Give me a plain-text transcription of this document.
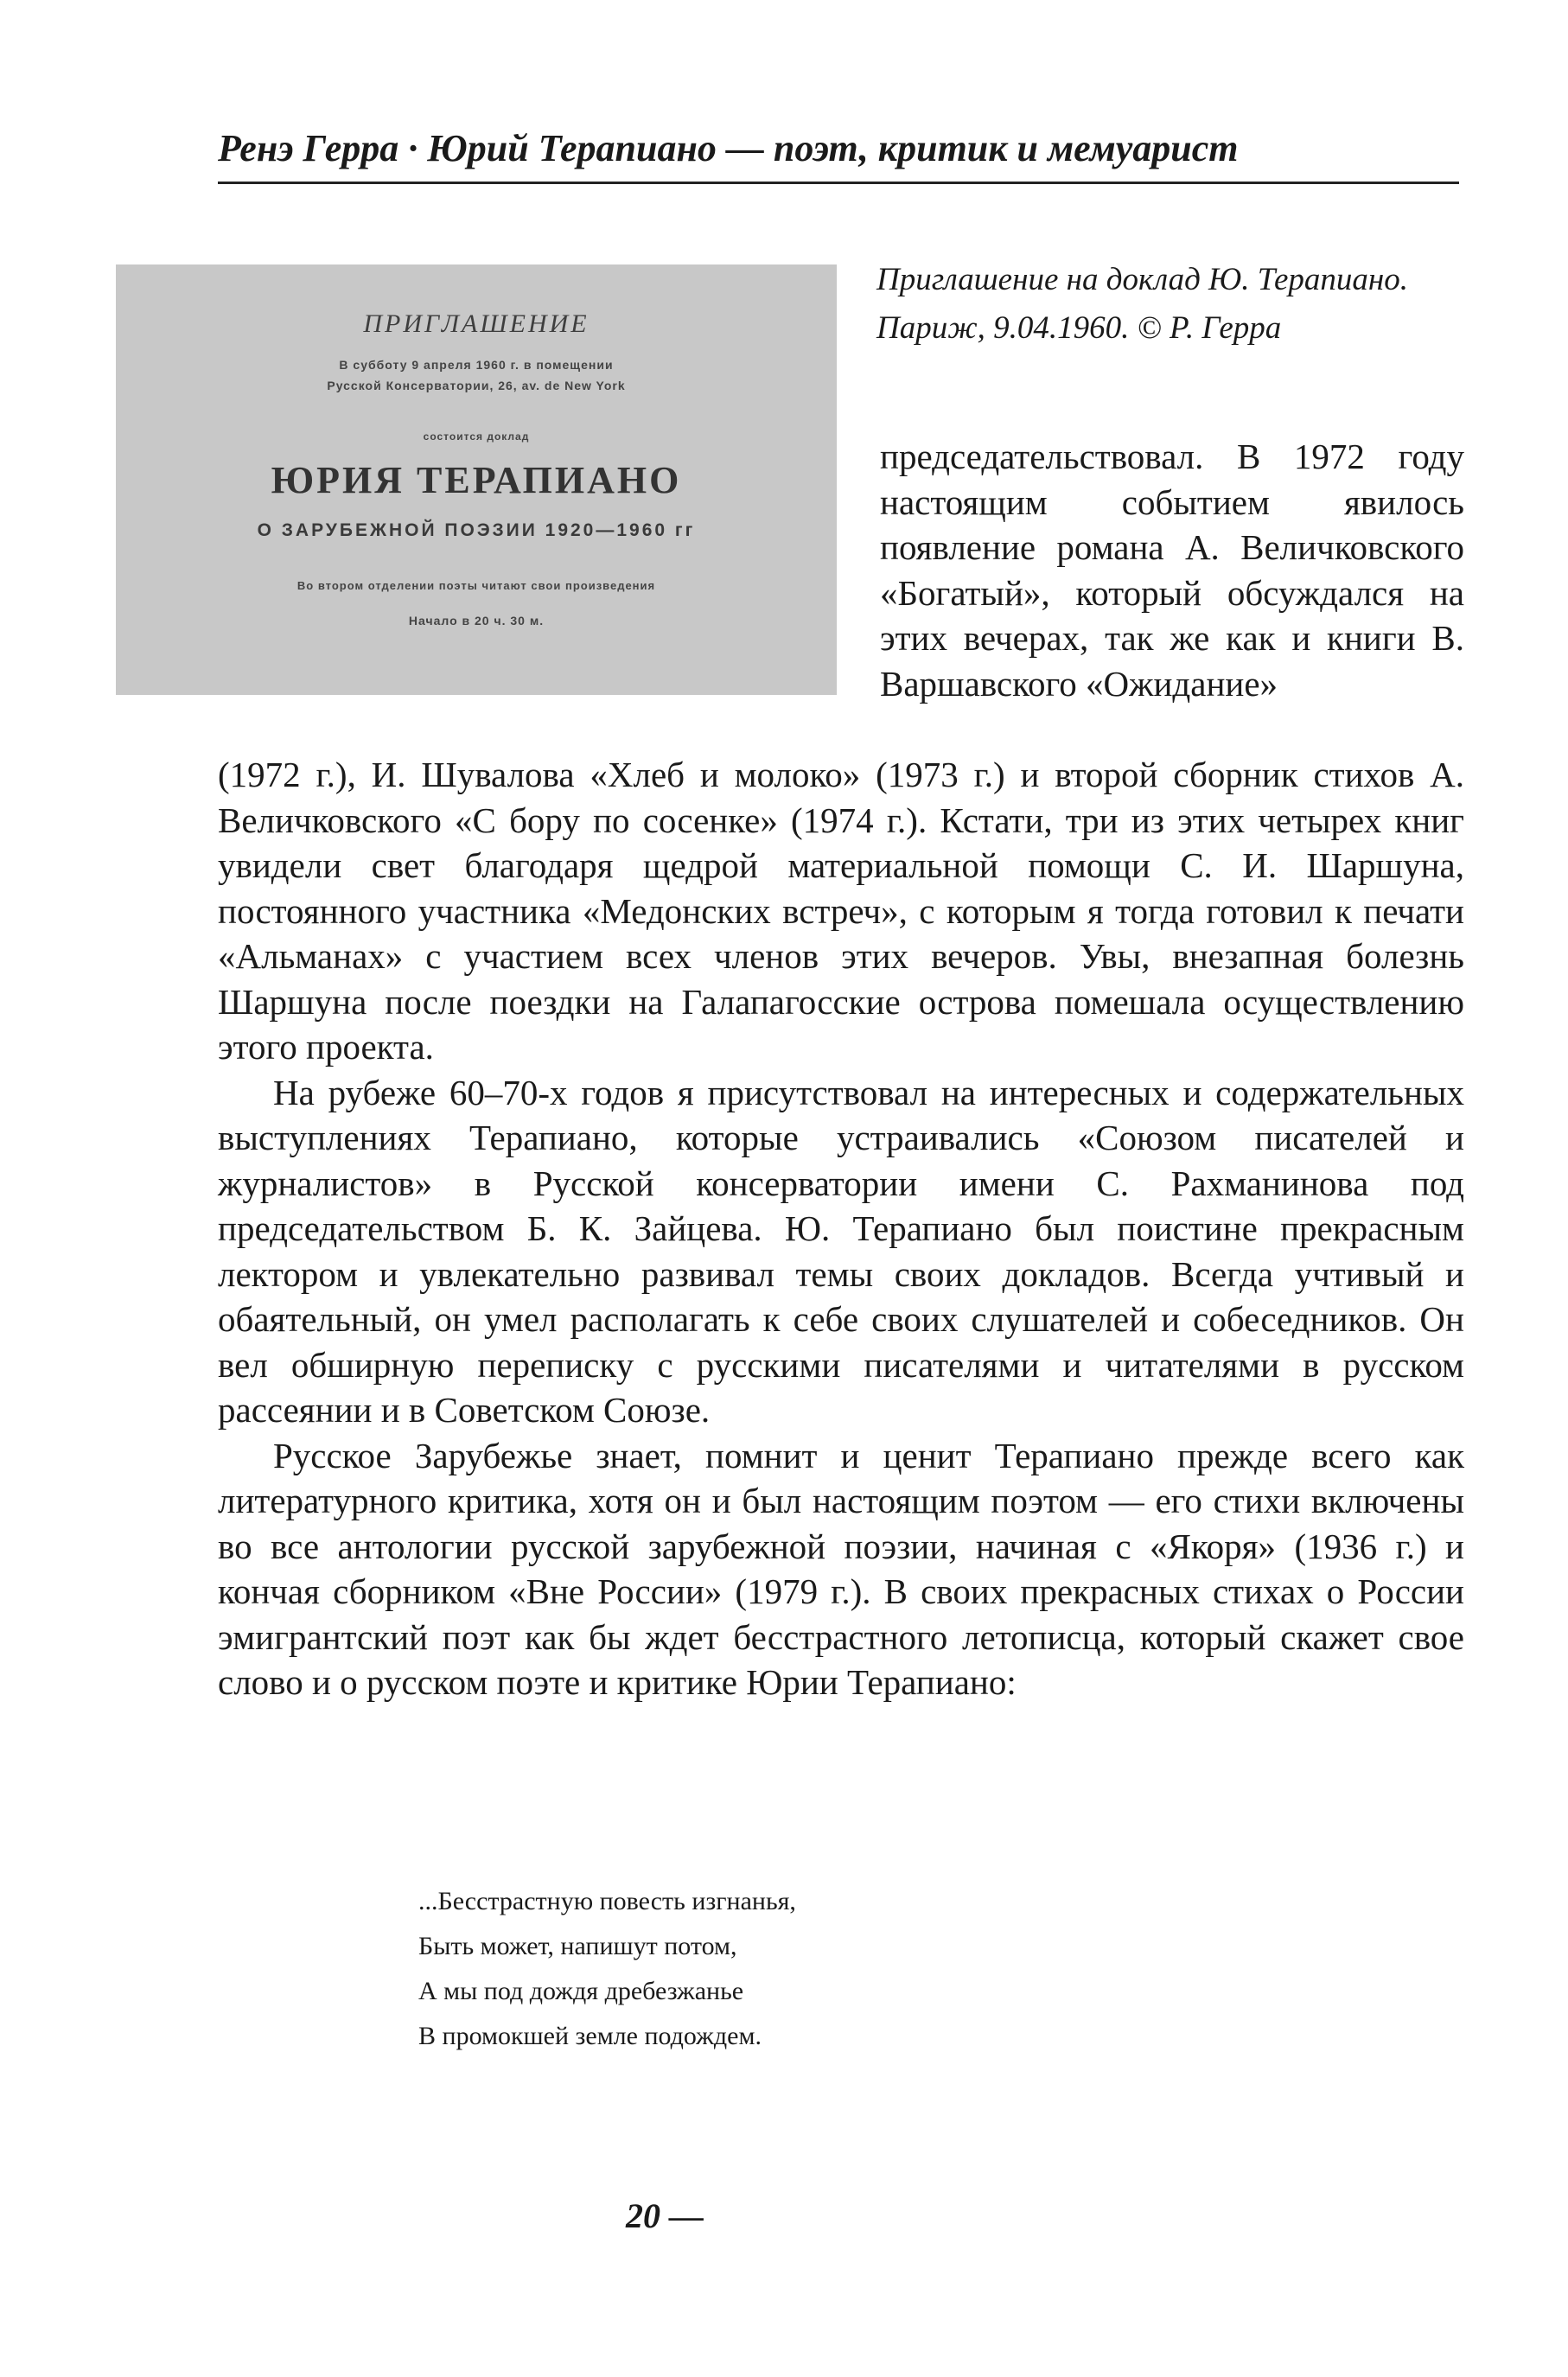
Ренэ Герра · Юрий Терапиано — поэт, критик и мемуарист
ПРИГЛАШЕНИЕ
В субботу 9 апреля 1960 г. в помещении
Русской Консерватории, 26, av. de New York
состоится доклад
ЮРИЯ ТЕРАПИАНО
О ЗАРУБЕЖНОЙ ПОЭЗИИ 1920—1960 гг
Во втором отделении поэты читают свои произведения
Начало в 20 ч. 30 м.
Приглашение на доклад Ю. Терапиано. Париж, 9.04.1960. © Р. Герра

председательствовал. В 1972 году настоящим событием явилось появление романа А. Величковского «Богатый», который обсуждался на этих вечерах, так же как и книги В. Варшавского «Ожидание»

(1972 г.), И. Шувалова «Хлеб и молоко» (1973 г.) и второй сборник стихов А. Величковского «С бору по сосенке» (1974 г.). Кстати, три из этих четырех книг увидели свет благодаря щедрой материальной помощи С. И. Шаршуна, постоянного участника «Медонских встреч», с которым я тогда готовил к печати «Альманах» с участием всех членов этих вечеров. Увы, внезапная болезнь Шаршуна после поездки на Галапагосские острова помешала осуществлению этого проекта.

На рубеже 60–70-х годов я присутствовал на интересных и содержательных выступлениях Терапиано, которые устраивались «Союзом писателей и журналистов» в Русской консерватории имени С. Рахманинова под председательством Б. К. Зайцева. Ю. Терапиано был поистине прекрасным лектором и увлекательно развивал темы своих докладов. Всегда учтивый и обаятельный, он умел располагать к себе своих слушателей и собеседников. Он вел обширную переписку с русскими писателями и читателями в русском рассеянии и в Советском Союзе.

Русское Зарубежье знает, помнит и ценит Терапиано прежде всего как литературного критика, хотя он и был настоящим поэтом — его стихи включены во все антологии русской зарубежной поэзии, начиная с «Якоря» (1936 г.) и кончая сборником «Вне России» (1979 г.). В своих прекрасных стихах о России эмигрантский поэт как бы ждет бесстрастного летописца, который скажет свое слово и о русском поэте и критике Юрии Терапиано:

...Бесстрастную повесть изгнанья,
Быть может, напишут потом,
А мы под дождя дребезжанье
В промокшей земле подождем.
20 —
